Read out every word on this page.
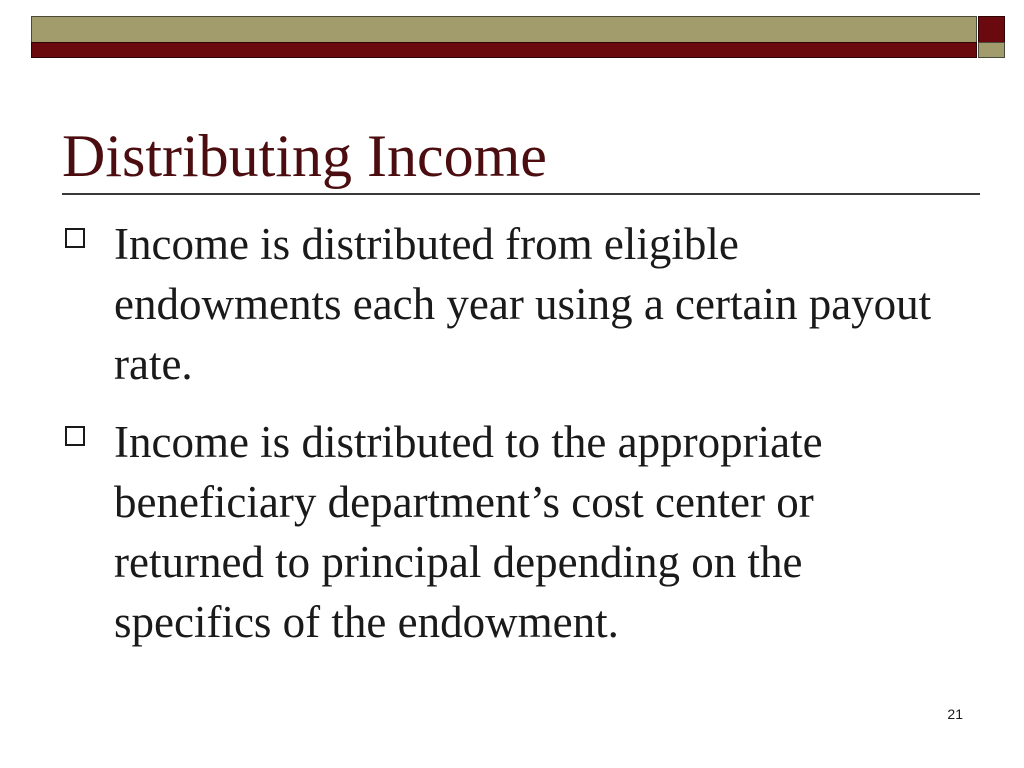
Distributing Income
Income is distributed from eligible endowments each year using a certain payout rate.
Income is distributed to the appropriate beneficiary department’s cost center or returned to principal depending on the specifics of the endowment.
21
